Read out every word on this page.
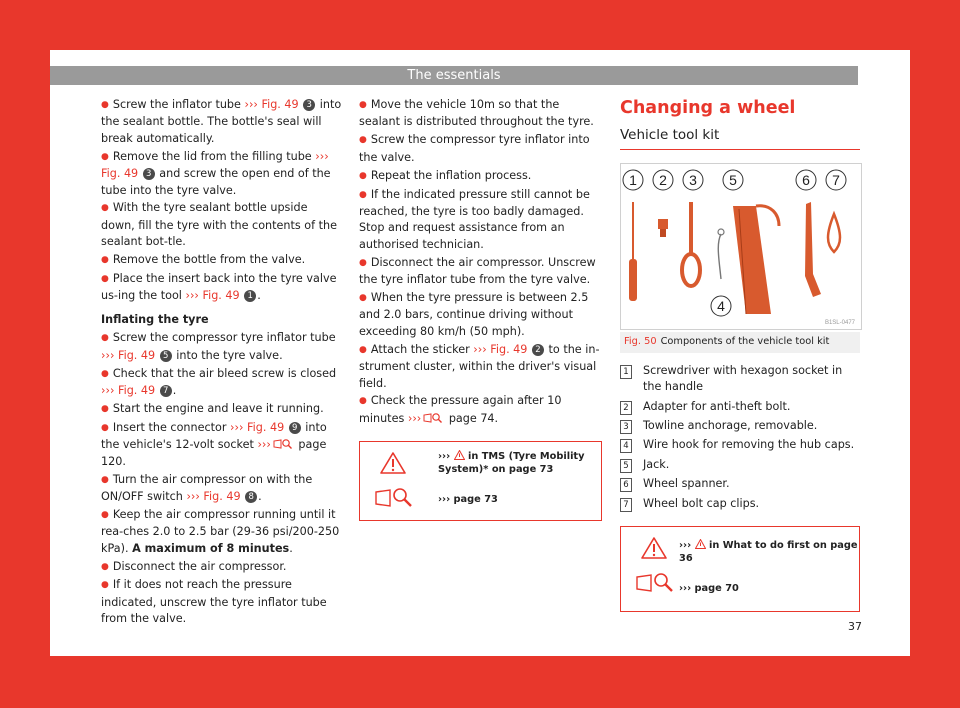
The essentials
● Screw the inflator tube ››› Fig. 49 3 into the sealant bottle. The bottle's seal will break automatically.
● Remove the lid from the filling tube ››› Fig. 49 3 and screw the open end of the tube into the tyre valve.
● With the tyre sealant bottle upside down, fill the tyre with the contents of the sealant bot-tle.
● Remove the bottle from the valve.
● Place the insert back into the tyre valve us-ing the tool ››› Fig. 49 1 .
Inflating the tyre
● Screw the compressor tyre inflator tube ››› Fig. 49 5 into the tyre valve.
● Check that the air bleed screw is closed ››› Fig. 49 7 .
● Start the engine and leave it running.
● Insert the connector ››› Fig. 49 9 into the vehicle's 12-volt socket ››› page 120.
● Turn the air compressor on with the ON/OFF switch ››› Fig. 49 8 .
● Keep the air compressor running until it rea-ches 2.0 to 2.5 bar (29-36 psi/200-250 kPa). A maximum of 8 minutes.
● Disconnect the air compressor.
● If it does not reach the pressure indicated, unscrew the tyre inflator tube from the valve.
● Move the vehicle 10m so that the sealant is distributed throughout the tyre.
● Screw the compressor tyre inflator into the valve.
● Repeat the inflation process.
● If the indicated pressure still cannot be reached, the tyre is too badly damaged. Stop and request assistance from an authorised technician.
● Disconnect the air compressor. Unscrew the tyre inflator tube from the tyre valve.
● When the tyre pressure is between 2.5 and 2.0 bars, continue driving without exceeding 80 km/h (50 mph).
● Attach the sticker ››› Fig. 49 2 to the in-strument cluster, within the driver's visual field.
● Check the pressure again after 10 minutes ››› page 74.
›››  in TMS (Tyre Mobility System)* on page 73
››› page 73
Changing a wheel
Vehicle tool kit
1 2 3 5	6 7
4
B1SL-0477
Fig. 50 Components of the vehicle tool kit
1 Screwdriver with hexagon socket in the handle
2 Adapter for anti-theft bolt.
3 Towline anchorage, removable.
4 Wire hook for removing the hub caps.
5 Jack.
6 Wheel spanner.
7 Wheel bolt cap clips.
›››  in What to do first on page 36
››› page 70
37
